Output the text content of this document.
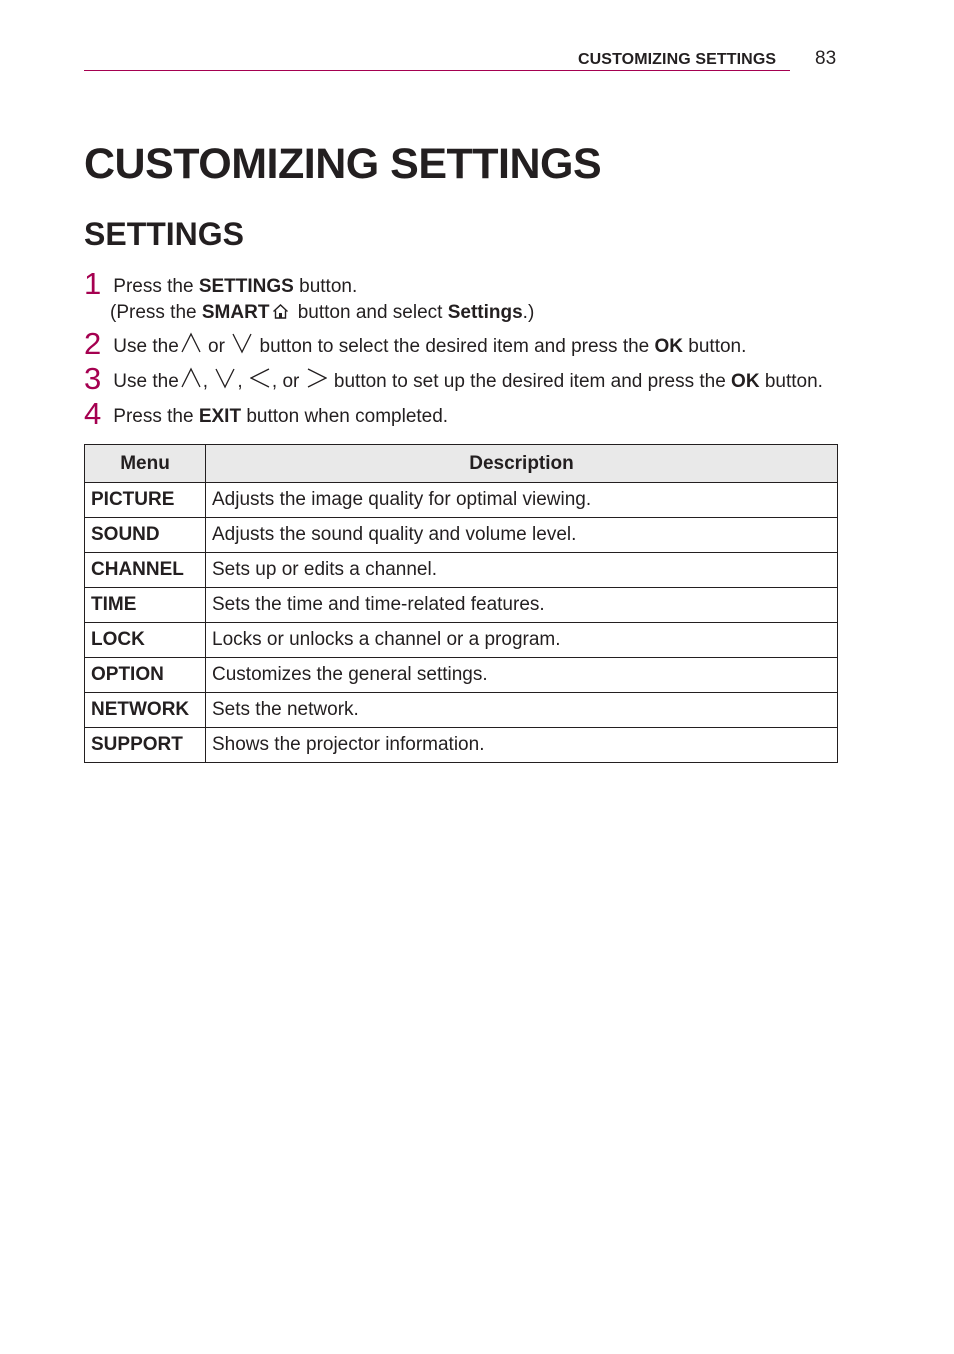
CUSTOMIZING SETTINGS 83
CUSTOMIZING SETTINGS
SETTINGS
1 Press the SETTINGS button.
(Press the SMART button and select Settings.)
2 Use the or  button to select the desired item and press the OK button.
3 Use the , , , or  button to set up the desired item and press the OK button.
4 Press the EXIT button when completed.
Menu	Description
PICTURE	Adjusts the image quality for optimal viewing.
SOUND	Adjusts the sound quality and volume level.
CHANNEL	Sets up or edits a channel.
TIME	Sets the time and time-related features.
LOCK	Locks or unlocks a channel or a program.
OPTION	Customizes the general settings.
NETWORK	Sets the network.
SUPPORT	Shows the projector information.
